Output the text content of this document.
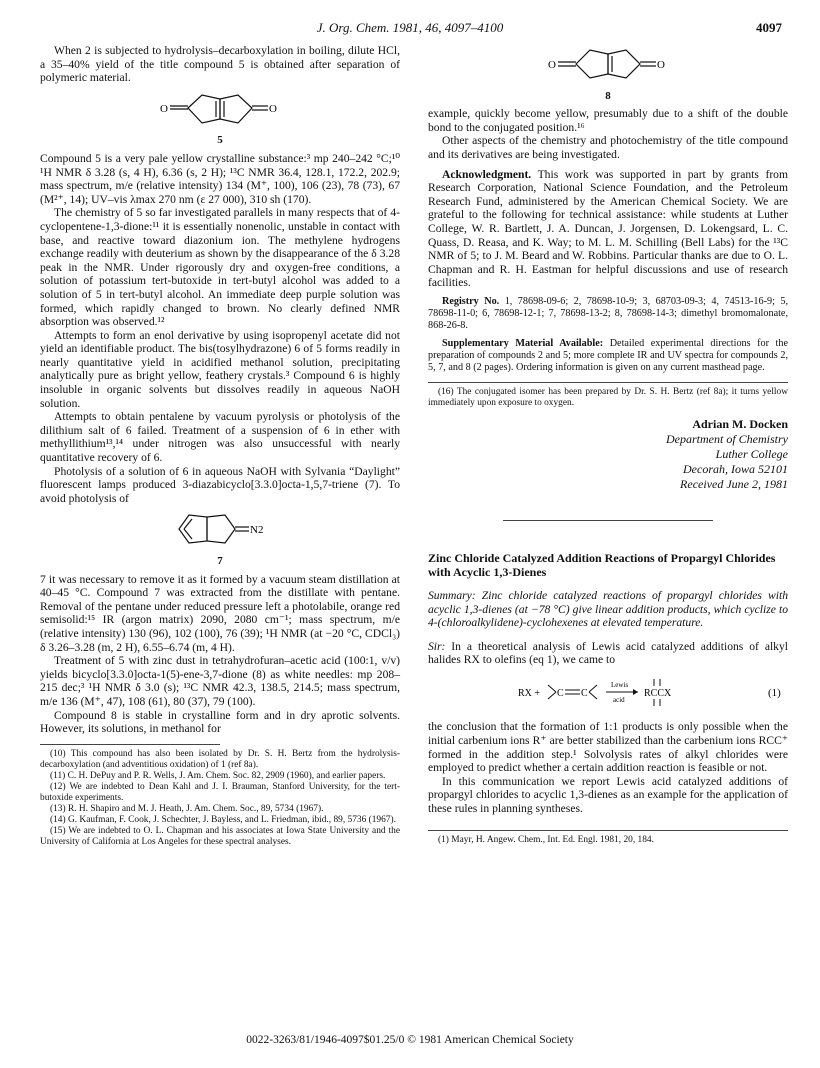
J. Org. Chem. 1981, 46, 4097–4100	4097

When 2 is subjected to hydrolysis–decarboxylation in boiling, dilute HCl, a 35–40% yield of the title compound 5 is obtained after separation of polymeric material.

O	O
5

Compound 5 is a very pale yellow crystalline substance:³ mp 240–242 °C;¹⁰ ¹H NMR δ 3.28 (s, 4 H), 6.36 (s, 2 H); ¹³C NMR 36.4, 128.1, 172.2, 202.9; mass spectrum, m/e (relative intensity) 134 (M⁺, 100), 106 (23), 78 (73), 67 (M²⁺, 14); UV–vis λmax 270 nm (ε 27 000), 310 sh (170).

The chemistry of 5 so far investigated parallels in many respects that of 4-cyclopentene-1,3-dione:¹¹ it is essentially nonenolic, unstable in contact with base, and reactive toward diazonium ion. The methylene hydrogens exchange readily with deuterium as shown by the disappearance of the δ 3.28 peak in the NMR. Under rigorously dry and oxygen-free conditions, a solution of potassium tert-butoxide in tert-butyl alcohol was added to a solution of 5 in tert-butyl alcohol. An immediate deep purple solution was formed, which rapidly changed to brown. No clearly defined NMR absorption was observed.¹²

Attempts to form an enol derivative by using isopropenyl acetate did not yield an identifiable product. The bis(tosylhydrazone) 6 of 5 forms readily in nearly quantitative yield in acidified methanol solution, precipitating analytically pure as bright yellow, feathery crystals.³ Compound 6 is highly insoluble in organic solvents but dissolves readily in aqueous NaOH solution.

Attempts to obtain pentalene by vacuum pyrolysis or photolysis of the dilithium salt of 6 failed. Treatment of a suspension of 6 in ether with methyllithium¹³,¹⁴ under nitrogen was also unsuccessful with nearly quantitative recovery of 6.

Photolysis of a solution of 6 in aqueous NaOH with Sylvania “Daylight” fluorescent lamps produced 3-diazabicyclo[3.3.0]octa-1,5,7-triene (7). To avoid photolysis of

N2
7

7 it was necessary to remove it as it formed by a vacuum steam distillation at 40–45 °C. Compound 7 was extracted from the distillate with pentane. Removal of the pentane under reduced pressure left a photolabile, orange red semisolid:¹⁵ IR (argon matrix) 2090, 2080 cm⁻¹; mass spectrum, m/e (relative intensity) 130 (96), 102 (100), 76 (39); ¹H NMR (at −20 °C, CDCl₃) δ 3.26–3.28 (m, 2 H), 6.55–6.74 (m, 4 H).

Treatment of 5 with zinc dust in tetrahydrofuran–acetic acid (100:1, v/v) yields bicyclo[3.3.0]octa-1(5)-ene-3,7-dione (8) as white needles: mp 208–215 dec;³ ¹H NMR δ 3.0 (s); ¹³C NMR 42.3, 138.5, 214.5; mass spectrum, m/e 136 (M⁺, 47), 108 (61), 80 (37), 79 (100).

Compound 8 is stable in crystalline form and in dry aprotic solvents. However, its solutions, in methanol for

(10) This compound has also been isolated by Dr. S. H. Bertz from the hydrolysis-decarboxylation (and adventitious oxidation) of 1 (ref 8a).

(11) C. H. DePuy and P. R. Wells, J. Am. Chem. Soc. 82, 2909 (1960), and earlier papers.

(12) We are indebted to Dean Kahl and J. I. Brauman, Stanford University, for the tert-butoxide experiments.

(13) R. H. Shapiro and M. J. Heath, J. Am. Chem. Soc., 89, 5734 (1967).

(14) G. Kaufman, F. Cook, J. Schechter, J. Bayless, and L. Friedman, ibid., 89, 5736 (1967).

(15) We are indebted to O. L. Chapman and his associates at Iowa State University and the University of California at Los Angeles for these spectral analyses.

O	O
8

example, quickly become yellow, presumably due to a shift of the double bond to the conjugated position.¹⁶

Other aspects of the chemistry and photochemistry of the title compound and its derivatives are being investigated.

Acknowledgment. This work was supported in part by grants from Research Corporation, National Science Foundation, and the Petroleum Research Fund, administered by the American Chemical Society. We are grateful to the following for technical assistance: while students at Luther College, W. R. Bartlett, J. A. Duncan, J. Jorgensen, D. Lokengsard, L. C. Quass, D. Reasa, and K. Way; to M. L. M. Schilling (Bell Labs) for the ¹³C NMR of 5; to J. M. Beard and W. Robbins. Particular thanks are due to O. L. Chapman and R. H. Eastman for helpful discussions and use of research facilities.

Registry No. 1, 78698-09-6; 2, 78698-10-9; 3, 68703-09-3; 4, 74513-16-9; 5, 78698-11-0; 6, 78698-12-1; 7, 78698-13-2; 8, 78698-14-3; dimethyl bromomalonate, 868-26-8.

Supplementary Material Available: Detailed experimental directions for the preparation of compounds 2 and 5; more complete IR and UV spectra for compounds 2, 5, 7, and 8 (2 pages). Ordering information is given on any current masthead page.

(16) The conjugated isomer has been prepared by Dr. S. H. Bertz (ref 8a); it turns yellow immediately upon exposure to oxygen.

Adrian M. Docken
Department of Chemistry
Luther College
Decorah, Iowa 52101
Received June 2, 1981
Zinc Chloride Catalyzed Addition Reactions of Propargyl Chlorides with Acyclic 1,3-Dienes

Summary: Zinc chloride catalyzed reactions of propargyl chlorides with acyclic 1,3-dienes (at −78 °C) give linear addition products, which cyclize to 4-(chloroalkylidene)-cyclohexenes at elevated temperature.

Sir: In a theoretical analysis of Lewis acid catalyzed additions of alkyl halides RX to olefins (eq 1), we came to

RX + C C
Lewis
acid
RCCX	(1)

the conclusion that the formation of 1:1 products is only possible when the initial carbenium ions R⁺ are better stabilized than the carbenium ions RCC⁺ formed in the addition step.¹ Solvolysis rates of alkyl chlorides were employed to predict whether a certain addition reaction is feasible or not.

In this communication we report Lewis acid catalyzed additions of propargyl chlorides to acyclic 1,3-dienes as an example for the application of these rules in planning syntheses.

(1) Mayr, H. Angew. Chem., Int. Ed. Engl. 1981, 20, 184.

0022-3263/81/1946-4097$01.25/0 © 1981 American Chemical Society
